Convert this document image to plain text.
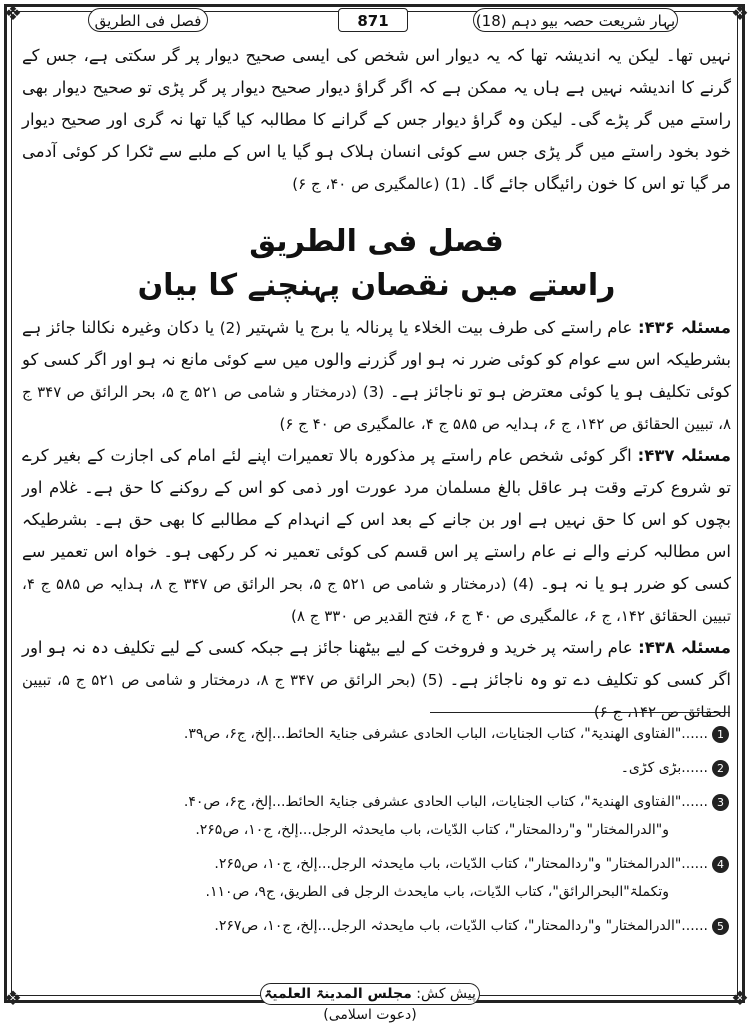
❖	❖
❖	❖
بہار شریعت حصہ بیو دہم (18)
871
فصل فی الطریق

نہیں تھا۔ لیکن یہ اندیشہ تھا کہ یہ دیوار اس شخص کی ایسی صحیح دیوار پر گر سکتی ہے، جس کے گرنے کا اندیشہ نہیں ہے ہاں یہ ممکن ہے کہ اگر گراؤ دیوار صحیح دیوار پر گر پڑی تو صحیح دیوار بھی راستے میں گر پڑے گی۔ لیکن وہ گراؤ دیوار جس کے گرانے کا مطالبہ کیا گیا تھا نہ گری اور صحیح دیوار خود بخود راستے میں گر پڑی جس سے کوئی انسان ہلاک ہو گیا یا اس کے ملبے سے ٹکرا کر کوئی آدمی مر گیا تو اس کا خون رائیگاں جائے گا۔ (1) (عالمگیری ص ۴۰، ج ۶)

فصل فی الطریق
راستے میں نقصان پہنچنے کا بیان

مسئلہ ۴۳۶: عام راستے کی طرف بیت الخلاء یا پرنالہ یا برج یا شہتیر (2) یا دکان وغیرہ نکالنا جائز ہے بشرطیکہ اس سے عوام کو کوئی ضرر نہ ہو اور گزرنے والوں میں سے کوئی مانع نہ ہو اور اگر کسی کو کوئی تکلیف ہو یا کوئی معترض ہو تو ناجائز ہے۔ (3) (درمختار و شامی ص ۵۲۱ ج ۵، بحر الرائق ص ۳۴۷ ج ۸، تبیین الحقائق ص ۱۴۲، ج ۶، ہدایہ ص ۵۸۵ ج ۴، عالمگیری ص ۴۰ ج ۶)

مسئلہ ۴۳۷: اگر کوئی شخص عام راستے پر مذکورہ بالا تعمیرات اپنے لئے امام کی اجازت کے بغیر کرے تو شروع کرتے وقت ہر عاقل بالغ مسلمان مرد عورت اور ذمی کو اس کے روکنے کا حق ہے۔ غلام اور بچوں کو اس کا حق نہیں ہے اور بن جانے کے بعد اس کے انہدام کے مطالبے کا بھی حق ہے۔ بشرطیکہ اس مطالبہ کرنے والے نے عام راستے پر اس قسم کی کوئی تعمیر نہ کر رکھی ہو۔ خواہ اس تعمیر سے کسی کو ضرر ہو یا نہ ہو۔ (4) (درمختار و شامی ص ۵۲۱ ج ۵، بحر الرائق ص ۳۴۷ ج ۸، ہدایہ ص ۵۸۵ ج ۴، تبیین الحقائق ۱۴۲، ج ۶، عالمگیری ص ۴۰ ج ۶، فتح القدیر ص ۳۳۰ ج ۸)

مسئلہ ۴۳۸: عام راستہ پر خرید و فروخت کے لیے بیٹھنا جائز ہے جبکہ کسی کے لیے تکلیف دہ نہ ہو اور اگر کسی کو تکلیف دے تو وہ ناجائز ہے۔ (5) (بحر الرائق ص ۳۴۷ ج ۸، درمختار و شامی ص ۵۲۱ ج ۵، تبیین الحقائق ص ۱۴۲، ج ۶)

1
......"الفتاوی الھندیۃ"، کتاب الجنایات، الباب الحادی عشرفی جنایۃ الحائط...إلخ، ج۶، ص۳۹.
2
......بڑی کڑی۔
3
......"الفتاوی الھندیۃ"، کتاب الجنایات، الباب الحادی عشرفی جنایۃ الحائط...إلخ، ج۶، ص۴۰.
و"الدرالمختار" و"ردالمحتار"، کتاب الدّیات، باب مایحدثہ الرجل...إلخ، ج۱۰، ص۲۶۵.
4
......"الدرالمختار" و"ردالمحتار"، کتاب الدّیات، باب مایحدثہ الرجل...إلخ، ج۱۰، ص۲۶۵.
وتکملۃ"البحرالرائق"، کتاب الدّیات، باب مایحدث الرجل فی الطریق، ج۹، ص۱۱۰.
5
......"الدرالمختار" و"ردالمحتار"، کتاب الدّیات، باب مایحدثہ الرجل...إلخ، ج۱۰، ص۲۶۷.
پیش کش: مجلس المدینۃ العلمیۃ (دعوت اسلامی)
